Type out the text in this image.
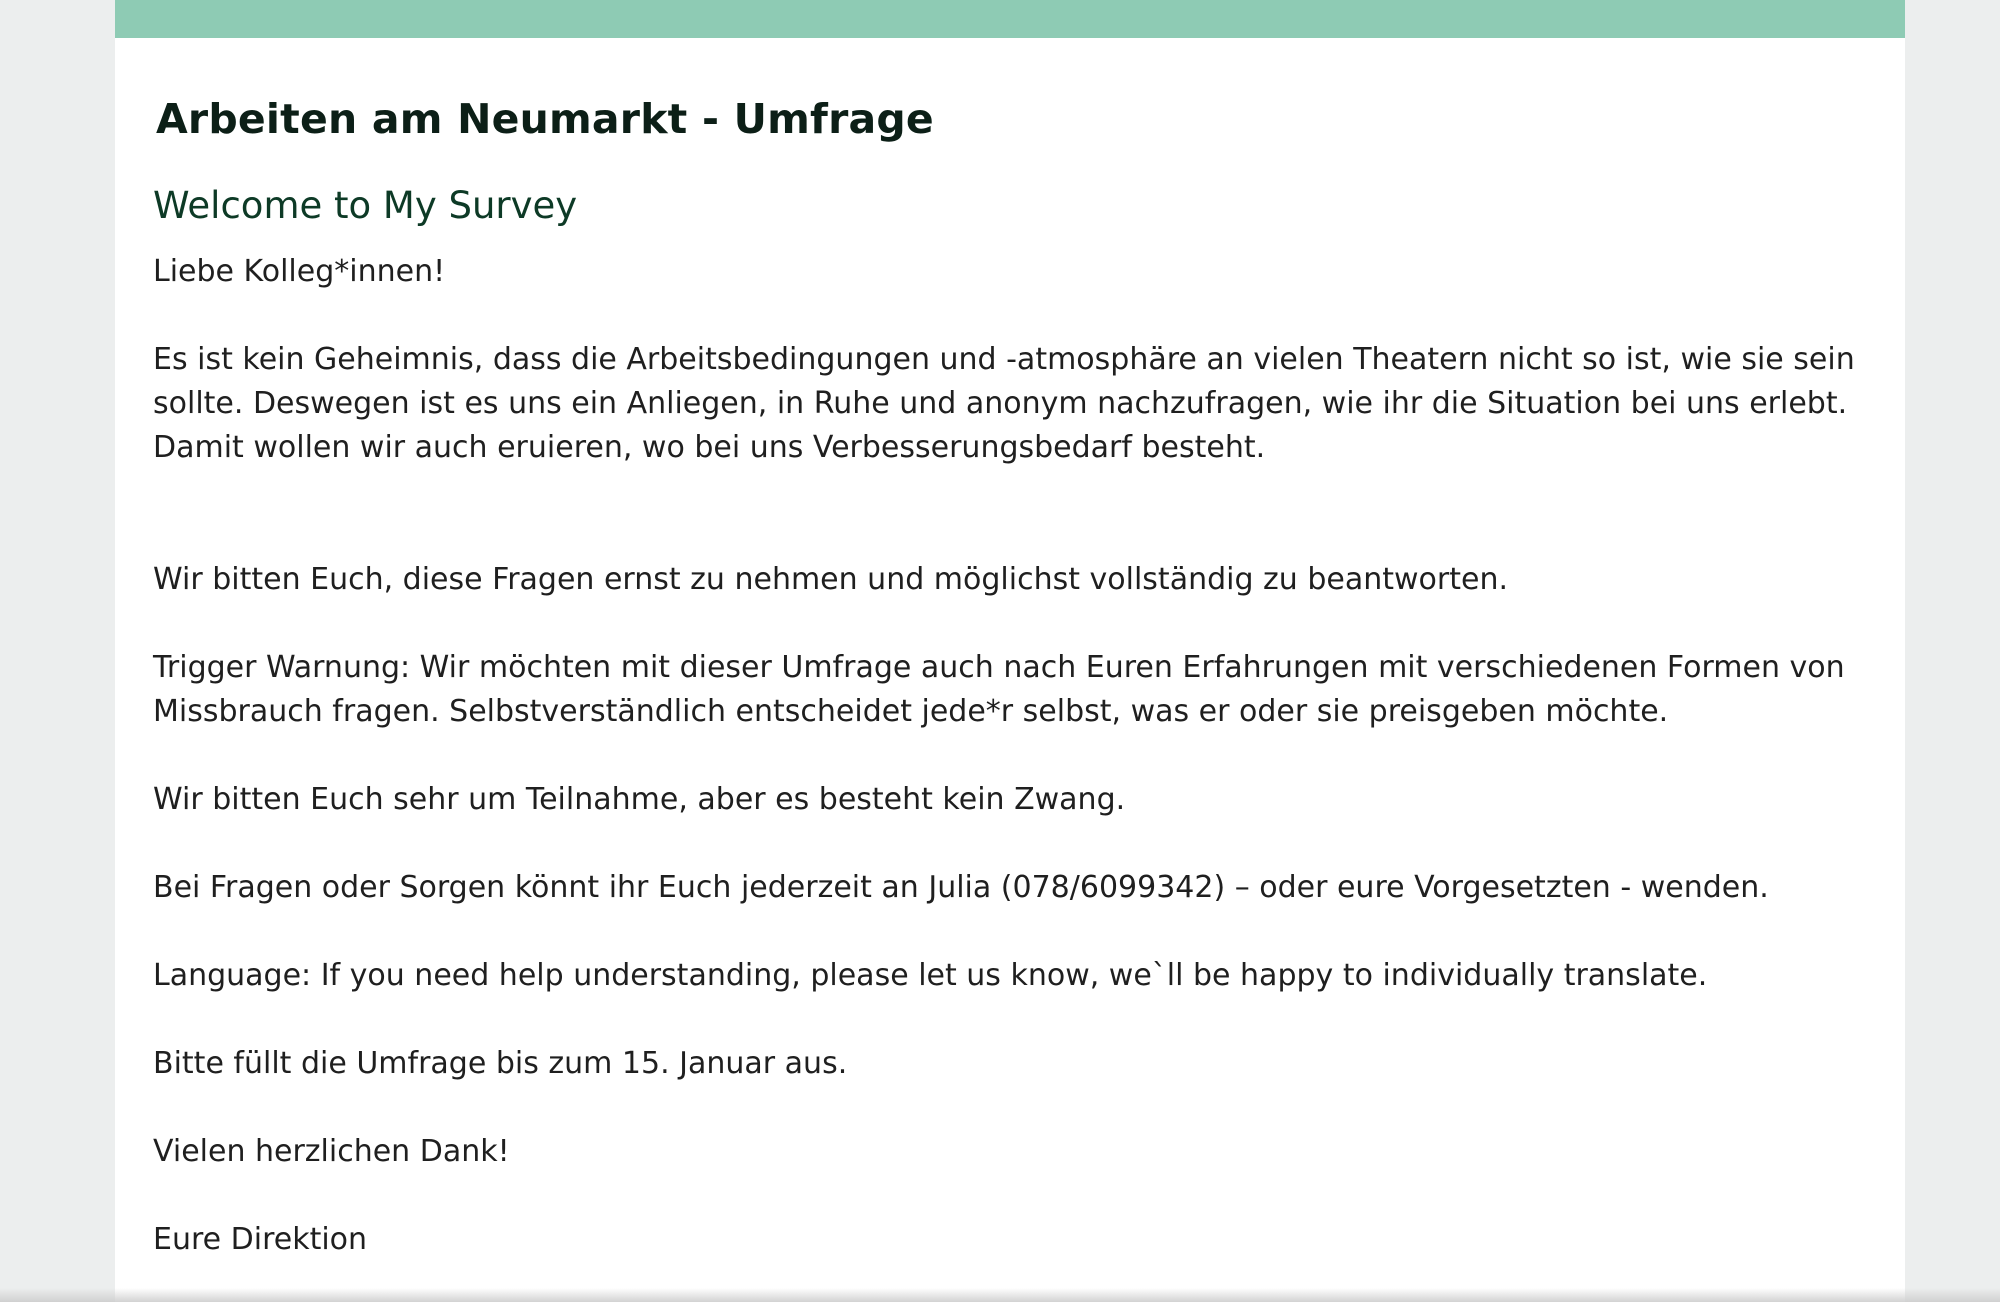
Arbeiten am Neumarkt - Umfrage
Welcome to My Survey

Liebe Kolleg*innen!

Es ist kein Geheimnis, dass die Arbeitsbedingungen und -atmosphäre an vielen Theatern nicht so ist, wie sie sein sollte. Deswegen ist es uns ein Anliegen, in Ruhe und anonym nachzufragen, wie ihr die Situation bei uns erlebt. Damit wollen wir auch eruieren, wo bei uns Verbesserungsbedarf besteht.

Wir bitten Euch, diese Fragen ernst zu nehmen und möglichst vollständig zu beantworten.

Trigger Warnung: Wir möchten mit dieser Umfrage auch nach Euren Erfahrungen mit verschiedenen Formen von Missbrauch fragen. Selbstverständlich entscheidet jede*r selbst, was er oder sie preisgeben möchte.

Wir bitten Euch sehr um Teilnahme, aber es besteht kein Zwang.

Bei Fragen oder Sorgen könnt ihr Euch jederzeit an Julia (078/6099342) – oder eure Vorgesetzten - wenden.

Language: If you need help understanding, please let us know, we`ll be happy to individually translate.

Bitte füllt die Umfrage bis zum 15. Januar aus.

Vielen herzlichen Dank!

Eure Direktion
